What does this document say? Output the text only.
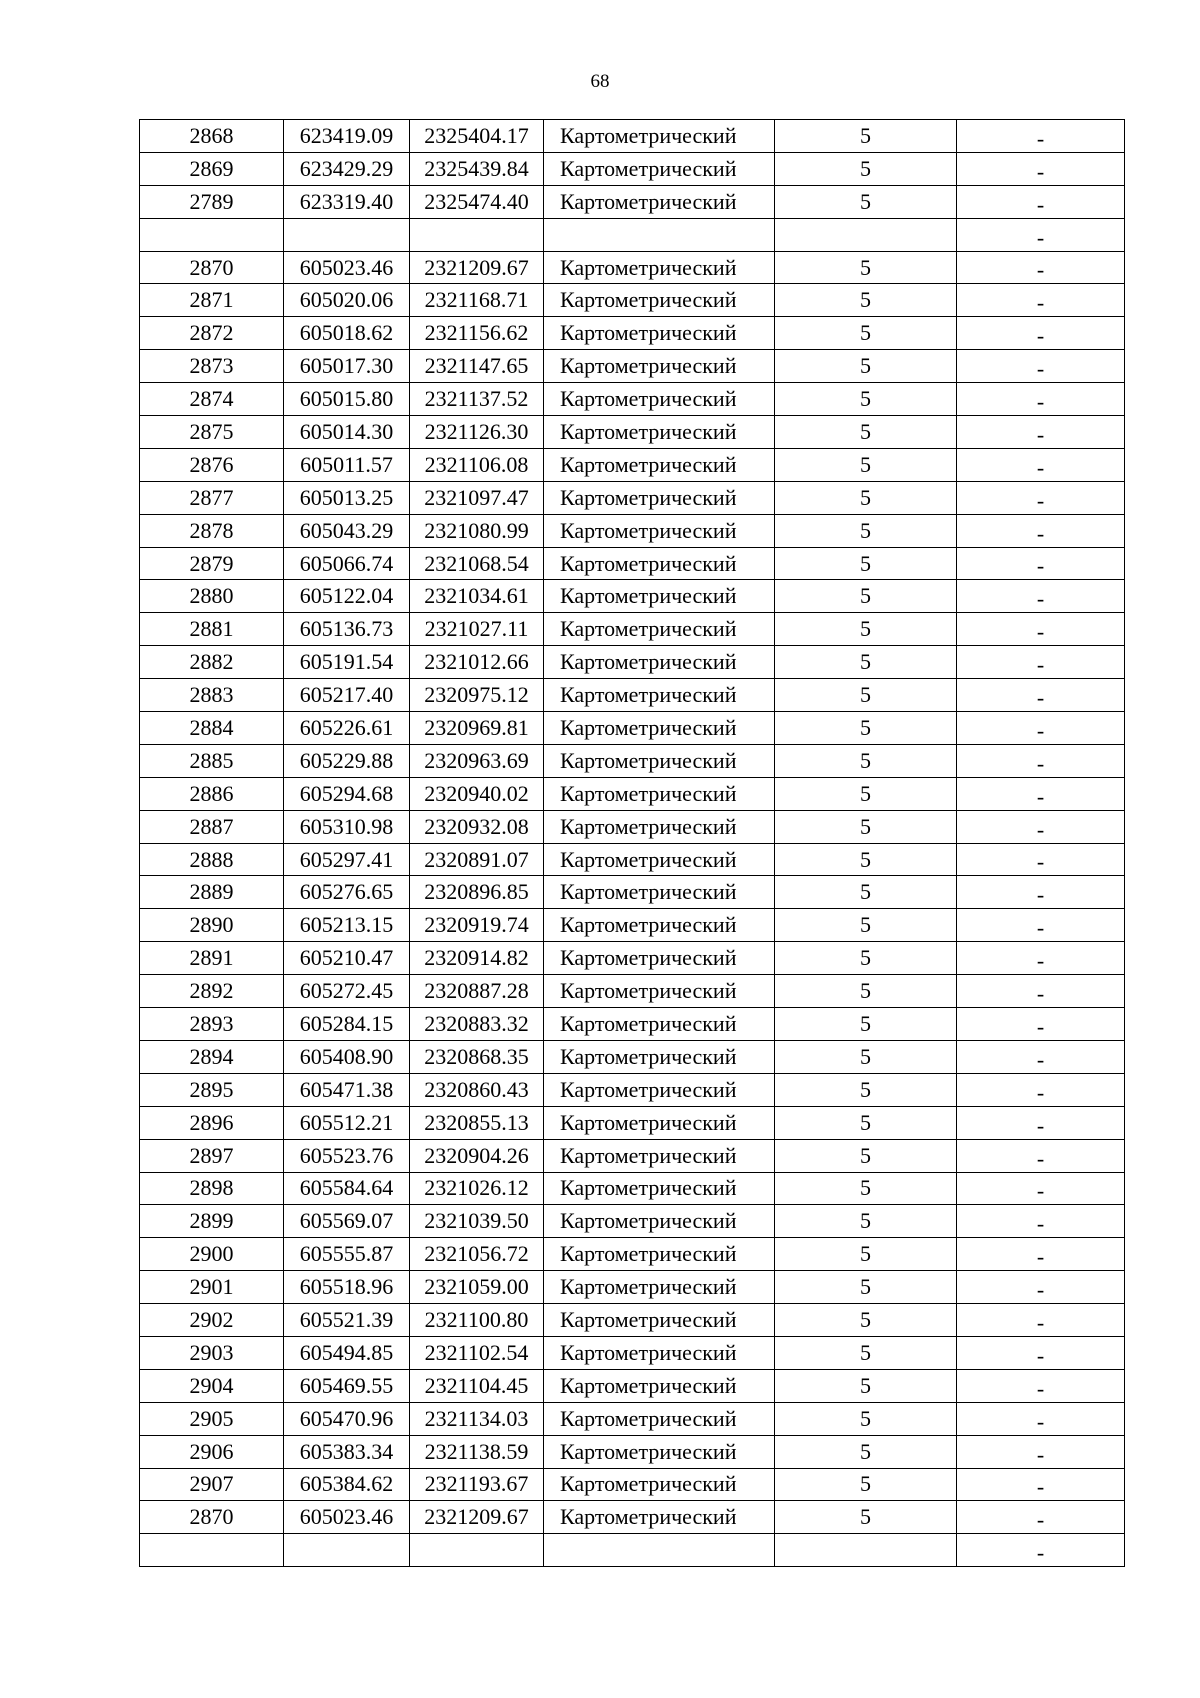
68
2868	623419.09	2325404.17	Картометрический	5	-
2869	623429.29	2325439.84	Картометрический	5	-
2789	623319.40	2325474.40	Картометрический	5	-
					-
2870	605023.46	2321209.67	Картометрический	5	-
2871	605020.06	2321168.71	Картометрический	5	-
2872	605018.62	2321156.62	Картометрический	5	-
2873	605017.30	2321147.65	Картометрический	5	-
2874	605015.80	2321137.52	Картометрический	5	-
2875	605014.30	2321126.30	Картометрический	5	-
2876	605011.57	2321106.08	Картометрический	5	-
2877	605013.25	2321097.47	Картометрический	5	-
2878	605043.29	2321080.99	Картометрический	5	-
2879	605066.74	2321068.54	Картометрический	5	-
2880	605122.04	2321034.61	Картометрический	5	-
2881	605136.73	2321027.11	Картометрический	5	-
2882	605191.54	2321012.66	Картометрический	5	-
2883	605217.40	2320975.12	Картометрический	5	-
2884	605226.61	2320969.81	Картометрический	5	-
2885	605229.88	2320963.69	Картометрический	5	-
2886	605294.68	2320940.02	Картометрический	5	-
2887	605310.98	2320932.08	Картометрический	5	-
2888	605297.41	2320891.07	Картометрический	5	-
2889	605276.65	2320896.85	Картометрический	5	-
2890	605213.15	2320919.74	Картометрический	5	-
2891	605210.47	2320914.82	Картометрический	5	-
2892	605272.45	2320887.28	Картометрический	5	-
2893	605284.15	2320883.32	Картометрический	5	-
2894	605408.90	2320868.35	Картометрический	5	-
2895	605471.38	2320860.43	Картометрический	5	-
2896	605512.21	2320855.13	Картометрический	5	-
2897	605523.76	2320904.26	Картометрический	5	-
2898	605584.64	2321026.12	Картометрический	5	-
2899	605569.07	2321039.50	Картометрический	5	-
2900	605555.87	2321056.72	Картометрический	5	-
2901	605518.96	2321059.00	Картометрический	5	-
2902	605521.39	2321100.80	Картометрический	5	-
2903	605494.85	2321102.54	Картометрический	5	-
2904	605469.55	2321104.45	Картометрический	5	-
2905	605470.96	2321134.03	Картометрический	5	-
2906	605383.34	2321138.59	Картометрический	5	-
2907	605384.62	2321193.67	Картометрический	5	-
2870	605023.46	2321209.67	Картометрический	5	-
					-
